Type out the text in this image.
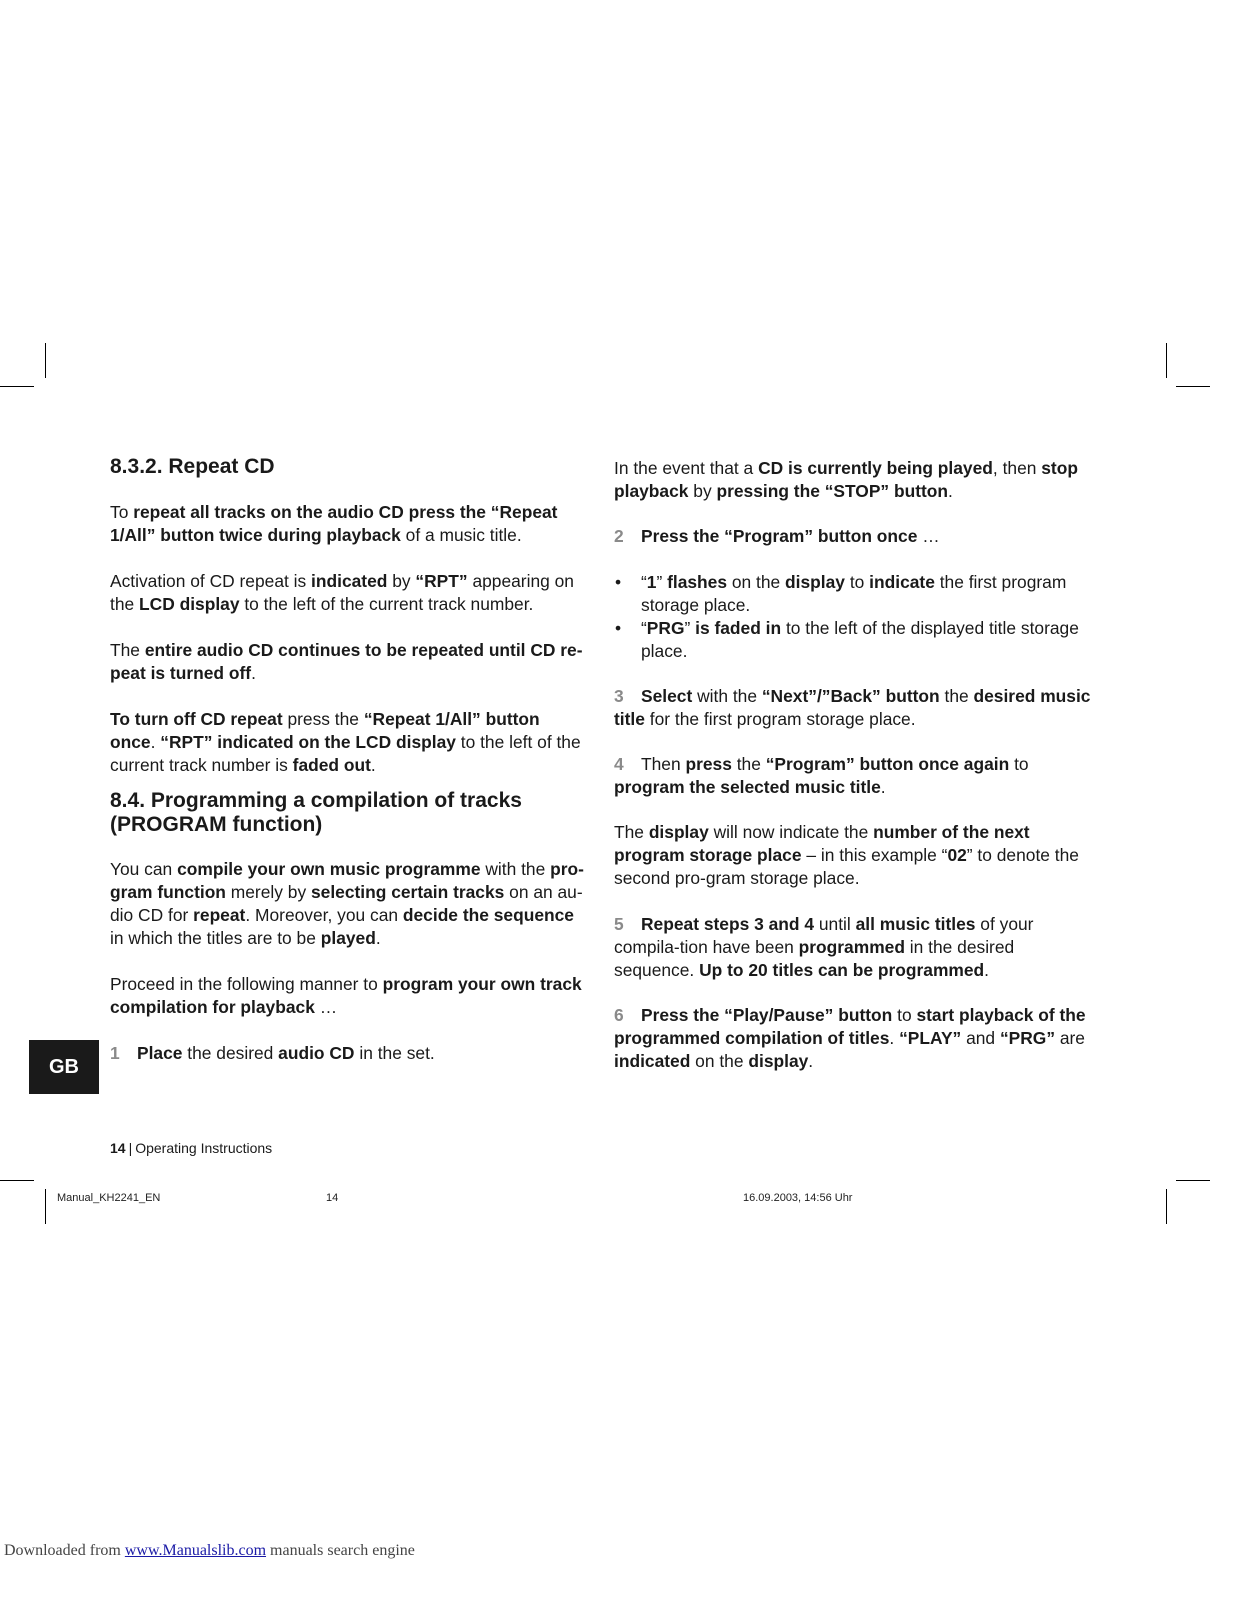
8.3.2. Repeat CD

To repeat all tracks on the audio CD press the “Repeat 1/All” button twice during playback of a music title.

Activation of CD repeat is indicated by “RPT” appearing on the LCD display to the left of the current track number.

The entire audio CD continues to be repeated until CD re-peat is turned off.

To turn off CD repeat press the “Repeat 1/All” button once. “RPT” indicated on the LCD display to the left of the current track number is faded out.

8.4. Programming a compilation of tracks (PROGRAM function)

You can compile your own music programme with the pro-gram function merely by selecting certain tracks on an au-dio CD for repeat. Moreover, you can decide the sequence in which the titles are to be played.

Proceed in the following manner to program your own track compilation for playback …

1 Place the desired audio CD in the set.

In the event that a CD is currently being played, then stop playback by pressing the “STOP” button.

2 Press the “Program” button once …

• “1” flashes on the display to indicate the first program storage place.
• “PRG” is faded in to the left of the displayed title storage place.

3 Select with the “Next”/”Back” button the desired music title for the first program storage place.

4 Then press the “Program” button once again to program the selected music title.

The display will now indicate the number of the next program storage place – in this example “02” to denote the second pro-gram storage place.

5 Repeat steps 3 and 4 until all music titles of your compila-tion have been programmed in the desired sequence. Up to 20 titles can be programmed.

6 Press the “Play/Pause” button to start playback of the programmed compilation of titles. “PLAY” and “PRG” are indicated on the display.

GB
14 | Operating Instructions
Manual_KH2241_EN	14	16.09.2003, 14:56 Uhr
Downloaded from www.Manualslib.com manuals search engine
